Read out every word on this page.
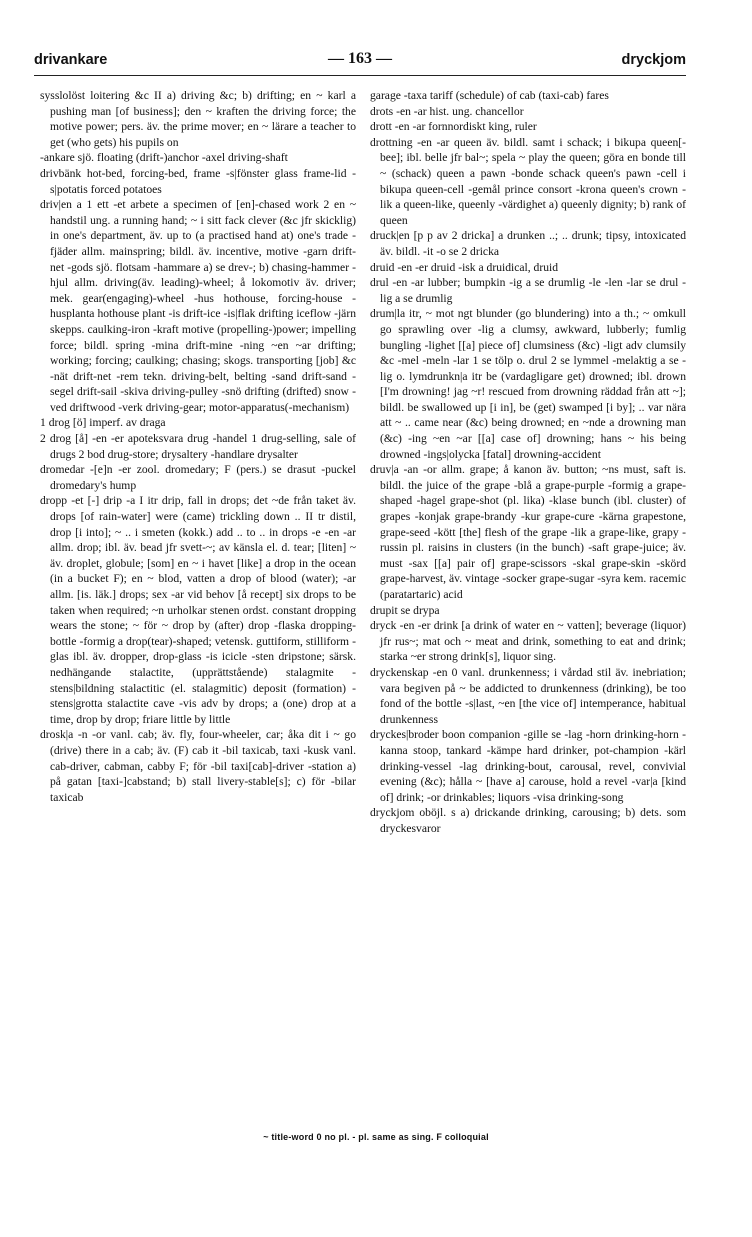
drivankare	— 163 —	dryckjom

sysslolöst loitering &c II a) driving &c; b) drifting; en ~ karl a pushing man [of business]; den ~ kraften the driving force; the motive power; pers. äv. the prime mover; en ~ lärare a teacher to get (who gets) his pupils on

-ankare sjö. floating (drift-)anchor -axel driving-shaft

drivbänk hot-bed, forcing-bed, frame -s|fönster glass frame-lid -s|potatis forced potatoes

driv|en a 1 ett -et arbete a specimen of [en]-chased work 2 en ~ handstil ung. a running hand; ~ i sitt fack clever (&c jfr skicklig) in one's department, äv. up to (a practised hand at) one's trade -fjäder allm. mainspring; bildl. äv. incentive, motive -garn drift-net -gods sjö. flotsam -hammare a) se drev-; b) chasing-hammer -hjul allm. driving(äv. leading)-wheel; å lokomotiv äv. driver; mek. gear(engaging)-wheel -hus hothouse, forcing-house -husplanta hothouse plant -is drift-ice -is|flak drifting iceflow -järn skepps. caulking-iron -kraft motive (propelling-)power; impelling force; bildl. spring -mina drift-mine -ning ~en ~ar drifting; working; forcing; caulking; chasing; skogs. transporting [job] &c -nät drift-net -rem tekn. driving-belt, belting -sand drift-sand -segel drift-sail -skiva driving-pulley -snö drifting (drifted) snow -ved driftwood -verk driving-gear; motor-apparatus(-mechanism)

1 drog [ö] imperf. av draga

2 drog [å] -en -er apoteksvara drug -handel 1 drug-selling, sale of drugs 2 bod drug-store; drysaltery -handlare drysalter

dromedar -[e]n -er zool. dromedary; F (pers.) se drasut -puckel dromedary's hump

dropp -et [-] drip -a I itr drip, fall in drops; det ~de från taket äv. drops [of rain-water] were (came) trickling down .. II tr distil, drop [i into]; ~ .. i smeten (kokk.) add .. to .. in drops -e -en -ar allm. drop; ibl. äv. bead jfr svett-~; av känsla el. d. tear; [liten] ~ äv. droplet, globule; [som] en ~ i havet [like] a drop in the ocean (in a bucket F); en ~ blod, vatten a drop of blood (water); -ar allm. [is. läk.] drops; sex -ar vid behov [å recept] six drops to be taken when required; ~n urholkar stenen ordst. constant dropping wears the stone; ~ för ~ drop by (after) drop -flaska dropping-bottle -formig a drop(tear)-shaped; vetensk. guttiform, stilliform -glas ibl. äv. dropper, drop-glass -is icicle -sten dripstone; särsk. nedhängande stalactite, (upprättstående) stalagmite -stens|bildning stalactitic (el. stalagmitic) deposit (formation) -stens|grotta stalactite cave -vis adv by drops; a (one) drop at a time, drop by drop; friare little by little

drosk|a -n -or vanl. cab; äv. fly, four-wheeler, car; åka dit i ~ go (drive) there in a cab; äv. (F) cab it -bil taxicab, taxi -kusk vanl. cab-driver, cabman, cabby F; för -bil taxi[cab]-driver -station a) på gatan [taxi-]cabstand; b) stall livery-stable[s]; c) för -bilar taxicab

garage -taxa tariff (schedule) of cab (taxi-cab) fares

drots -en -ar hist. ung. chancellor

drott -en -ar fornnordiskt king, ruler

drottning -en -ar queen äv. bildl. samt i schack; i bikupa queen[-bee]; ibl. belle jfr bal~; spela ~ play the queen; göra en bonde till ~ (schack) queen a pawn -bonde schack queen's pawn -cell i bikupa queen-cell -gemål prince consort -krona queen's crown -lik a queen-like, queenly -värdighet a) queenly dignity; b) rank of queen

druck|en [p p av 2 dricka] a drunken ..; .. drunk; tipsy, intoxicated äv. bildl. -it -o se 2 dricka

druid -en -er druid -isk a druidical, druid

drul -en -ar lubber; bumpkin -ig a se drumlig -le -len -lar se drul -lig a se drumlig

drum|la itr, ~ mot ngt blunder (go blundering) into a th.; ~ omkull go sprawling over -lig a clumsy, awkward, lubberly; fumlig bungling -lighet [[a] piece of] clumsiness (&c) -ligt adv clumsily &c -mel -meln -lar 1 se tölp o. drul 2 se lymmel -melaktig a se -lig o. lymdrunkn|a itr be (vardagligare get) drowned; ibl. drown [I'm drowning! jag ~r! rescued from drowning räddad från att ~]; bildl. be swallowed up [i in], be (get) swamped [i by]; .. var nära att ~ .. came near (&c) being drowned; en ~nde a drowning man (&c) -ing ~en ~ar [[a] case of] drowning; hans ~ his being drowned -ings|olycka [fatal] drowning-accident

druv|a -an -or allm. grape; å kanon äv. button; ~ns must, saft is. bildl. the juice of the grape -blå a grape-purple -formig a grape-shaped -hagel grape-shot (pl. lika) -klase bunch (ibl. cluster) of grapes -konjak grape-brandy -kur grape-cure -kärna grapestone, grape-seed -kött [the] flesh of the grape -lik a grape-like, grapy -russin pl. raisins in clusters (in the bunch) -saft grape-juice; äv. must -sax [[a] pair of] grape-scissors -skal grape-skin -skörd grape-harvest, äv. vintage -socker grape-sugar -syra kem. racemic (paratartaric) acid

drupit se drypa

dryck -en -er drink [a drink of water en ~ vatten]; beverage (liquor) jfr rus~; mat och ~ meat and drink, something to eat and drink; starka ~er strong drink[s], liquor sing.

dryckenskap -en 0 vanl. drunkenness; i vårdad stil äv. inebriation; vara begiven på ~ be addicted to drunkenness (drinking), be too fond of the bottle -s|last, ~en [the vice of] intemperance, habitual drunkenness

dryckes|broder boon companion -gille se -lag -horn drinking-horn -kanna stoop, tankard -kämpe hard drinker, pot-champion -kärl drinking-vessel -lag drinking-bout, carousal, revel, convivial evening (&c); hålla ~ [have a] carouse, hold a revel -var|a [kind of] drink; -or drinkables; liquors -visa drinking-song

dryckjom oböjl. s a) drickande drinking, carousing; b) dets. som dryckesvaror

~ title-word 0 no pl. - pl. same as sing. F colloquial
